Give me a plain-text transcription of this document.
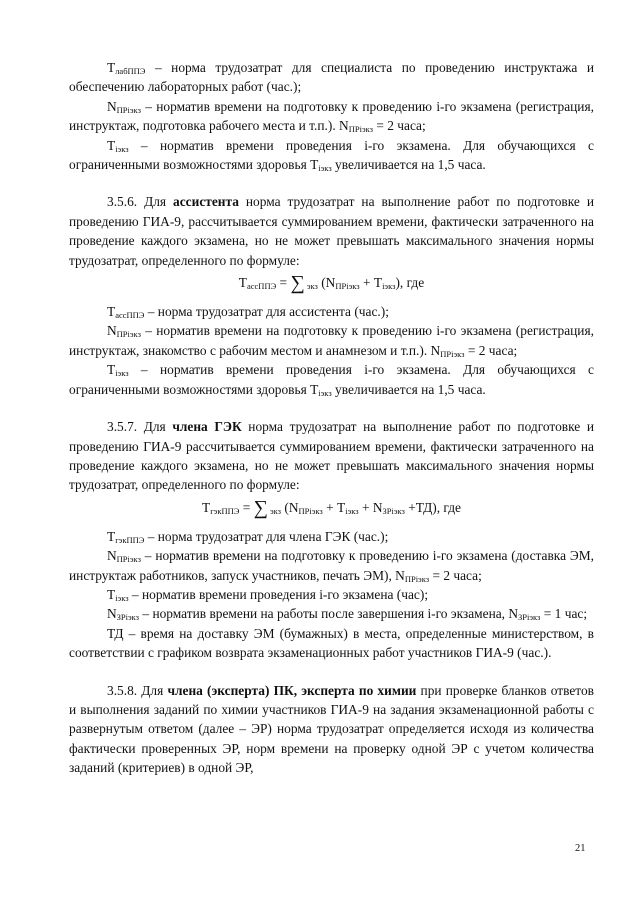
$Т_{лабППЭ}$ – норма трудозатрат для специалиста по проведению инструктажа и обеспечению лабораторных работ (час.);

$N_{ПРiэкз}$ – норматив времени на подготовку к проведению i-го экзамена (регистрация, инструктаж, подготовка рабочего места и т.п.). $N_{ПРiэкз} = 2$ часа;

$Т_{iэкз}$ – норматив времени проведения i-го экзамена. Для обучающихся с ограниченными возможностями здоровья $Т_{iэкз}$ увеличивается на 1,5 часа.

3.5.6. Для ассистента норма трудозатрат на выполнение работ по подготовке и проведению ГИА-9, рассчитывается суммированием времени, фактически затраченного на проведение каждого экзамена, но не может превышать максимального значения нормы трудозатрат, определенного по формуле:

$Т_{ассППЭ}$ = ∑ $_{экз}$ $(N_{ПРiэкз} + Т_{iэкз})$, где

$Т_{ассППЭ}$ – норма трудозатрат для ассистента (час.);

$N_{ПРiэкз}$ – норматив времени на подготовку к проведению i-го экзамена (регистрация, инструктаж, знакомство с рабочим местом и анамнезом и т.п.). $N_{ПРiэкз} = 2$ часа;

$Т_{iэкз}$ – норматив времени проведения i-го экзамена. Для обучающихся с ограниченными возможностями здоровья $Т_{iэкз}$ увеличивается на 1,5 часа.

3.5.7. Для члена ГЭК норма трудозатрат на выполнение работ по подготовке и проведению ГИА-9 рассчитывается суммированием времени, фактически затраченного на проведение каждого экзамена, но не может превышать максимального значения нормы трудозатрат, определенного по формуле:

$Т_{гэкППЭ}$ = ∑ $_{экз}$ $(N_{ПРiэкз} + Т_{iэкз} + N_{ЗРiэкз} +ТД)$, где

$Т_{гэкППЭ}$ – норма трудозатрат для члена ГЭК (час.);

$N_{ПРiэкз}$ – норматив времени на подготовку к проведению i-го экзамена (доставка ЭМ, инструктаж работников, запуск участников, печать ЭМ), $N_{ПРiэкз} = 2$ часа;

$Т_{iэкз}$ – норматив времени проведения i-го экзамена (час);

$N_{ЗРiэкз}$ – норматив времени на работы после завершения i-го экзамена, $N_{ЗРiэкз} = 1$ час;

ТД – время на доставку ЭМ (бумажных) в места, определенные министерством, в соответствии с графиком возврата экзаменационных работ участников ГИА-9 (час.).

3.5.8. Для члена (эксперта) ПК, эксперта по химии при проверке бланков ответов и выполнения заданий по химии участников ГИА-9 на задания экзаменационной работы с развернутым ответом (далее – ЭР) норма трудозатрат определяется исходя из количества фактически проверенных ЭР, норм времени на проверку одной ЭР с учетом количества заданий (критериев) в одной ЭР,

21
